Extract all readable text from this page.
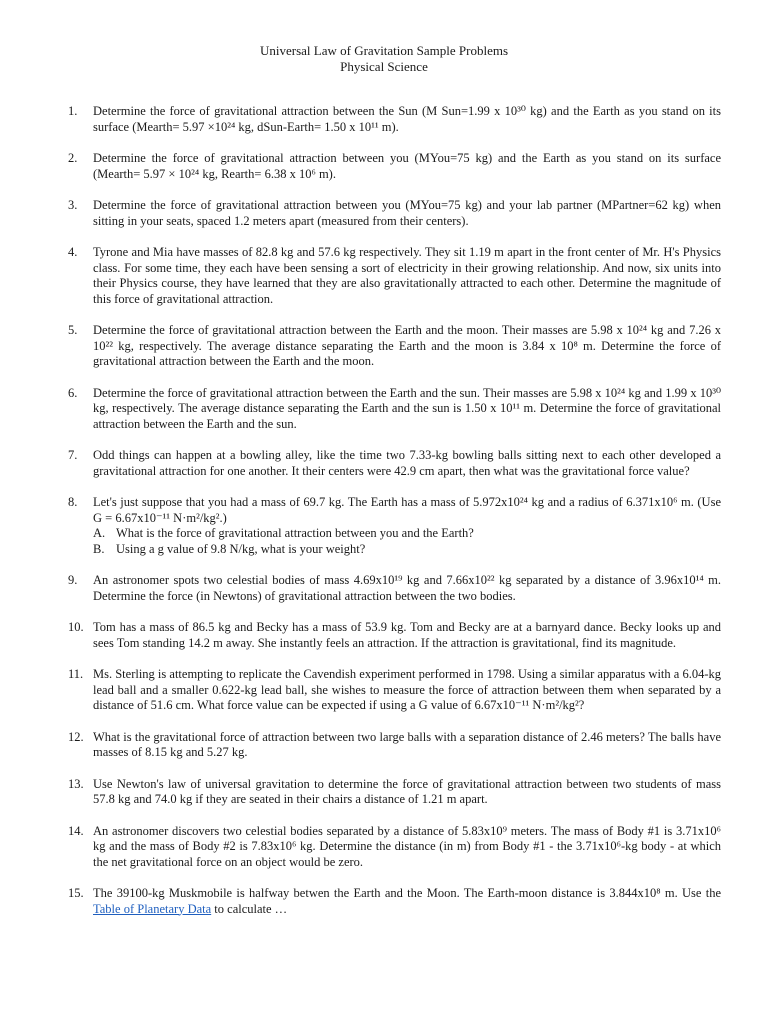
Universal Law of Gravitation Sample Problems
Physical Science
1.	Determine the force of gravitational attraction between the Sun (M Sun=1.99 x 10³⁰ kg) and the Earth as you stand on its surface (Mearth= 5.97 ×10²⁴ kg, dSun-Earth= 1.50 x 10¹¹ m).
2.	Determine the force of gravitational attraction between you (MYou=75 kg) and the Earth as you stand on its surface (Mearth= 5.97 × 10²⁴ kg, Rearth= 6.38 x 10⁶ m).
3.	Determine the force of gravitational attraction between you (MYou=75 kg) and your lab partner (MPartner=62 kg) when sitting in your seats, spaced 1.2 meters apart (measured from their centers).
4.	Tyrone and Mia have masses of 82.8 kg and 57.6 kg respectively. They sit 1.19 m apart in the front center of Mr. H's Physics class. For some time, they each have been sensing a sort of electricity in their growing relationship. And now, six units into their Physics course, they have learned that they are also gravitationally attracted to each other. Determine the magnitude of this force of gravitational attraction.
5.	Determine the force of gravitational attraction between the Earth and the moon. Their masses are 5.98 x 10²⁴ kg and 7.26 x 10²² kg, respectively. The average distance separating the Earth and the moon is 3.84 x 10⁸ m. Determine the force of gravitational attraction between the Earth and the moon.
6.	Determine the force of gravitational attraction between the Earth and the sun. Their masses are 5.98 x 10²⁴ kg and 1.99 x 10³⁰ kg, respectively. The average distance separating the Earth and the sun is 1.50 x 10¹¹ m. Determine the force of gravitational attraction between the Earth and the sun.
7.	Odd things can happen at a bowling alley, like the time two 7.33-kg bowling balls sitting next to each other developed a gravitational attraction for one another. It their centers were 42.9 cm apart, then what was the gravitational force value?
8.	Let's just suppose that you had a mass of 69.7 kg. The Earth has a mass of 5.972x10²⁴ kg and a radius of 6.371x10⁶ m. (Use G = 6.67x10⁻¹¹ N·m²/kg².)
A. What is the force of gravitational attraction between you and the Earth?
B. Using a g value of 9.8 N/kg, what is your weight?
9.	An astronomer spots two celestial bodies of mass 4.69x10¹⁹ kg and 7.66x10²² kg separated by a distance of 3.96x10¹⁴ m. Determine the force (in Newtons) of gravitational attraction between the two bodies.
10. Tom has a mass of 86.5 kg and Becky has a mass of 53.9 kg. Tom and Becky are at a barnyard dance. Becky looks up and sees Tom standing 14.2 m away. She instantly feels an attraction. If the attraction is gravitational, find its magnitude.
11. Ms. Sterling is attempting to replicate the Cavendish experiment performed in 1798. Using a similar apparatus with a 6.04-kg lead ball and a smaller 0.622-kg lead ball, she wishes to measure the force of attraction between them when separated by a distance of 51.6 cm. What force value can be expected if using a G value of 6.67x10⁻¹¹ N·m²/kg²?
12. What is the gravitational force of attraction between two large balls with a separation distance of 2.46 meters? The balls have masses of 8.15 kg and 5.27 kg.
13. Use Newton's law of universal gravitation to determine the force of gravitational attraction between two students of mass 57.8 kg and 74.0 kg if they are seated in their chairs a distance of 1.21 m apart.
14. An astronomer discovers two celestial bodies separated by a distance of 5.83x10⁹ meters. The mass of Body #1 is 3.71x10⁶ kg and the mass of Body #2 is 7.83x10⁶ kg. Determine the distance (in m) from Body #1 - the 3.71x10⁶-kg body - at which the net gravitational force on an object would be zero.
15. The 39100-kg Muskmobile is halfway betwen the Earth and the Moon. The Earth-moon distance is 3.844x10⁸ m. Use the Table of Planetary Data to calculate …
